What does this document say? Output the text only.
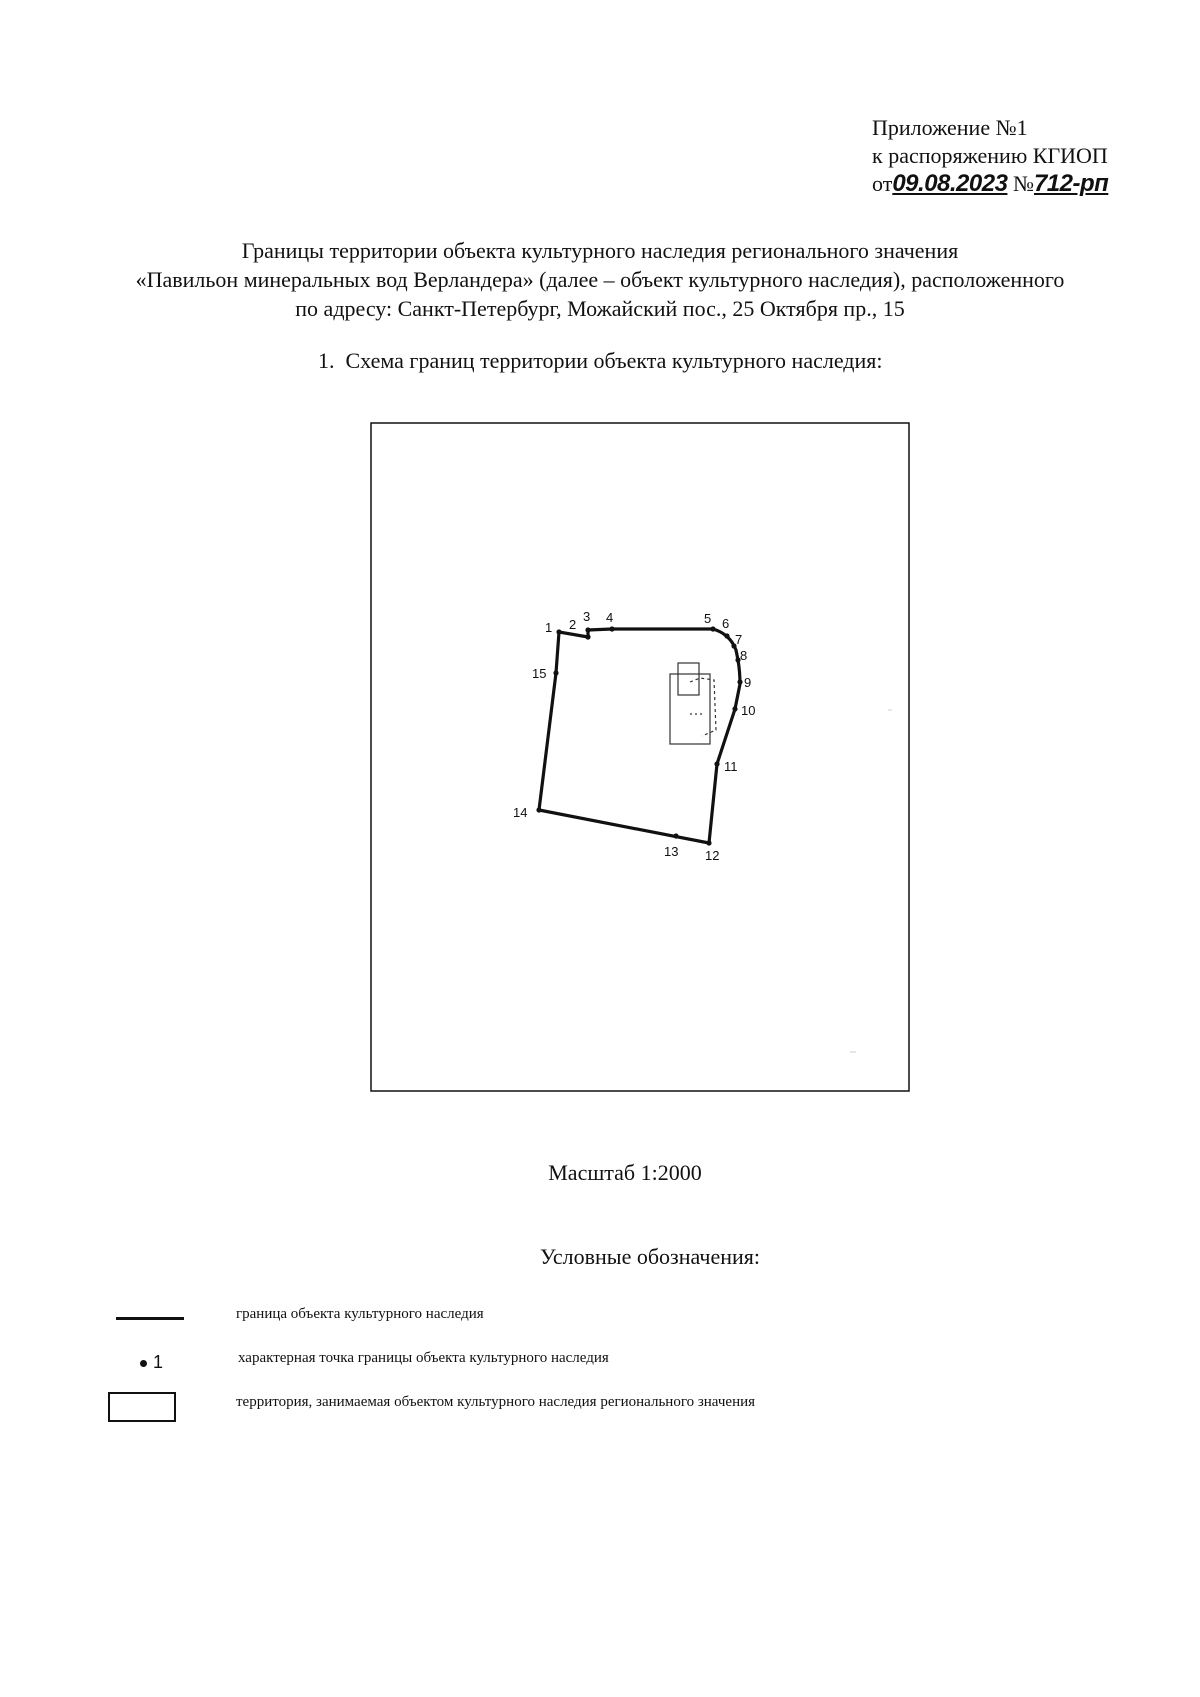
Приложение №1
к распоряжению КГИОП
от09.08.2023 №712-рп
Границы территории объекта культурного наследия регионального значения
«Павильон минеральных вод Верландера» (далее – объект культурного наследия), расположенного
по адресу: Санкт-Петербург, Можайский пос., 25 Октября пр., 15
1. Схема границ территории объекта культурного наследия:
1 2
3 4	5 6
7
8
9
10
11
12
13
14
15
Масштаб 1:2000
Условные обозначения:
граница объекта культурного наследия
1	характерная точка границы объекта культурного наследия
территория, занимаемая объектом культурного наследия регионального значения
